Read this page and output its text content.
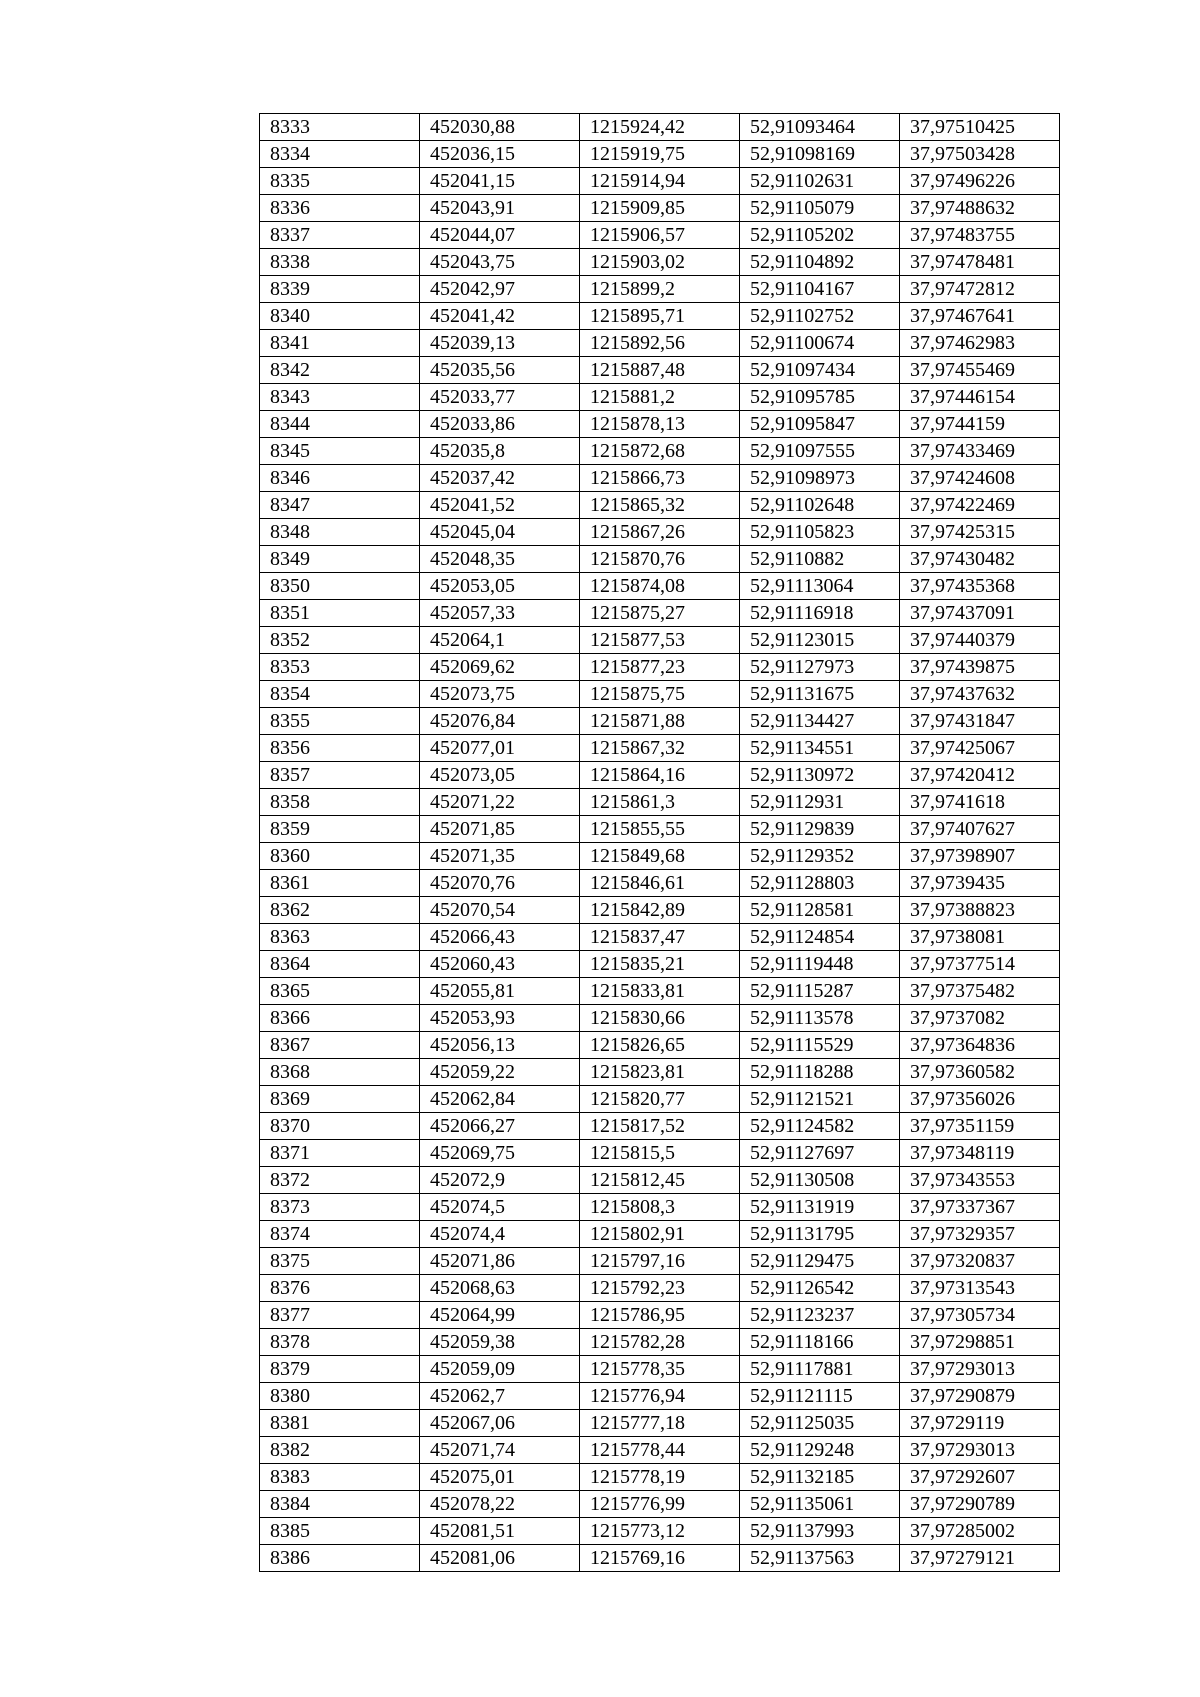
8333	452030,88	1215924,42	52,91093464	37,97510425
8334	452036,15	1215919,75	52,91098169	37,97503428
8335	452041,15	1215914,94	52,91102631	37,97496226
8336	452043,91	1215909,85	52,91105079	37,97488632
8337	452044,07	1215906,57	52,91105202	37,97483755
8338	452043,75	1215903,02	52,91104892	37,97478481
8339	452042,97	1215899,2	52,91104167	37,97472812
8340	452041,42	1215895,71	52,91102752	37,97467641
8341	452039,13	1215892,56	52,91100674	37,97462983
8342	452035,56	1215887,48	52,91097434	37,97455469
8343	452033,77	1215881,2	52,91095785	37,97446154
8344	452033,86	1215878,13	52,91095847	37,9744159
8345	452035,8	1215872,68	52,91097555	37,97433469
8346	452037,42	1215866,73	52,91098973	37,97424608
8347	452041,52	1215865,32	52,91102648	37,97422469
8348	452045,04	1215867,26	52,91105823	37,97425315
8349	452048,35	1215870,76	52,9110882	37,97430482
8350	452053,05	1215874,08	52,91113064	37,97435368
8351	452057,33	1215875,27	52,91116918	37,97437091
8352	452064,1	1215877,53	52,91123015	37,97440379
8353	452069,62	1215877,23	52,91127973	37,97439875
8354	452073,75	1215875,75	52,91131675	37,97437632
8355	452076,84	1215871,88	52,91134427	37,97431847
8356	452077,01	1215867,32	52,91134551	37,97425067
8357	452073,05	1215864,16	52,91130972	37,97420412
8358	452071,22	1215861,3	52,9112931	37,9741618
8359	452071,85	1215855,55	52,91129839	37,97407627
8360	452071,35	1215849,68	52,91129352	37,97398907
8361	452070,76	1215846,61	52,91128803	37,9739435
8362	452070,54	1215842,89	52,91128581	37,97388823
8363	452066,43	1215837,47	52,91124854	37,9738081
8364	452060,43	1215835,21	52,91119448	37,97377514
8365	452055,81	1215833,81	52,91115287	37,97375482
8366	452053,93	1215830,66	52,91113578	37,9737082
8367	452056,13	1215826,65	52,91115529	37,97364836
8368	452059,22	1215823,81	52,91118288	37,97360582
8369	452062,84	1215820,77	52,91121521	37,97356026
8370	452066,27	1215817,52	52,91124582	37,97351159
8371	452069,75	1215815,5	52,91127697	37,97348119
8372	452072,9	1215812,45	52,91130508	37,97343553
8373	452074,5	1215808,3	52,91131919	37,97337367
8374	452074,4	1215802,91	52,91131795	37,97329357
8375	452071,86	1215797,16	52,91129475	37,97320837
8376	452068,63	1215792,23	52,91126542	37,97313543
8377	452064,99	1215786,95	52,91123237	37,97305734
8378	452059,38	1215782,28	52,91118166	37,97298851
8379	452059,09	1215778,35	52,91117881	37,97293013
8380	452062,7	1215776,94	52,91121115	37,97290879
8381	452067,06	1215777,18	52,91125035	37,9729119
8382	452071,74	1215778,44	52,91129248	37,97293013
8383	452075,01	1215778,19	52,91132185	37,97292607
8384	452078,22	1215776,99	52,91135061	37,97290789
8385	452081,51	1215773,12	52,91137993	37,97285002
8386	452081,06	1215769,16	52,91137563	37,97279121
